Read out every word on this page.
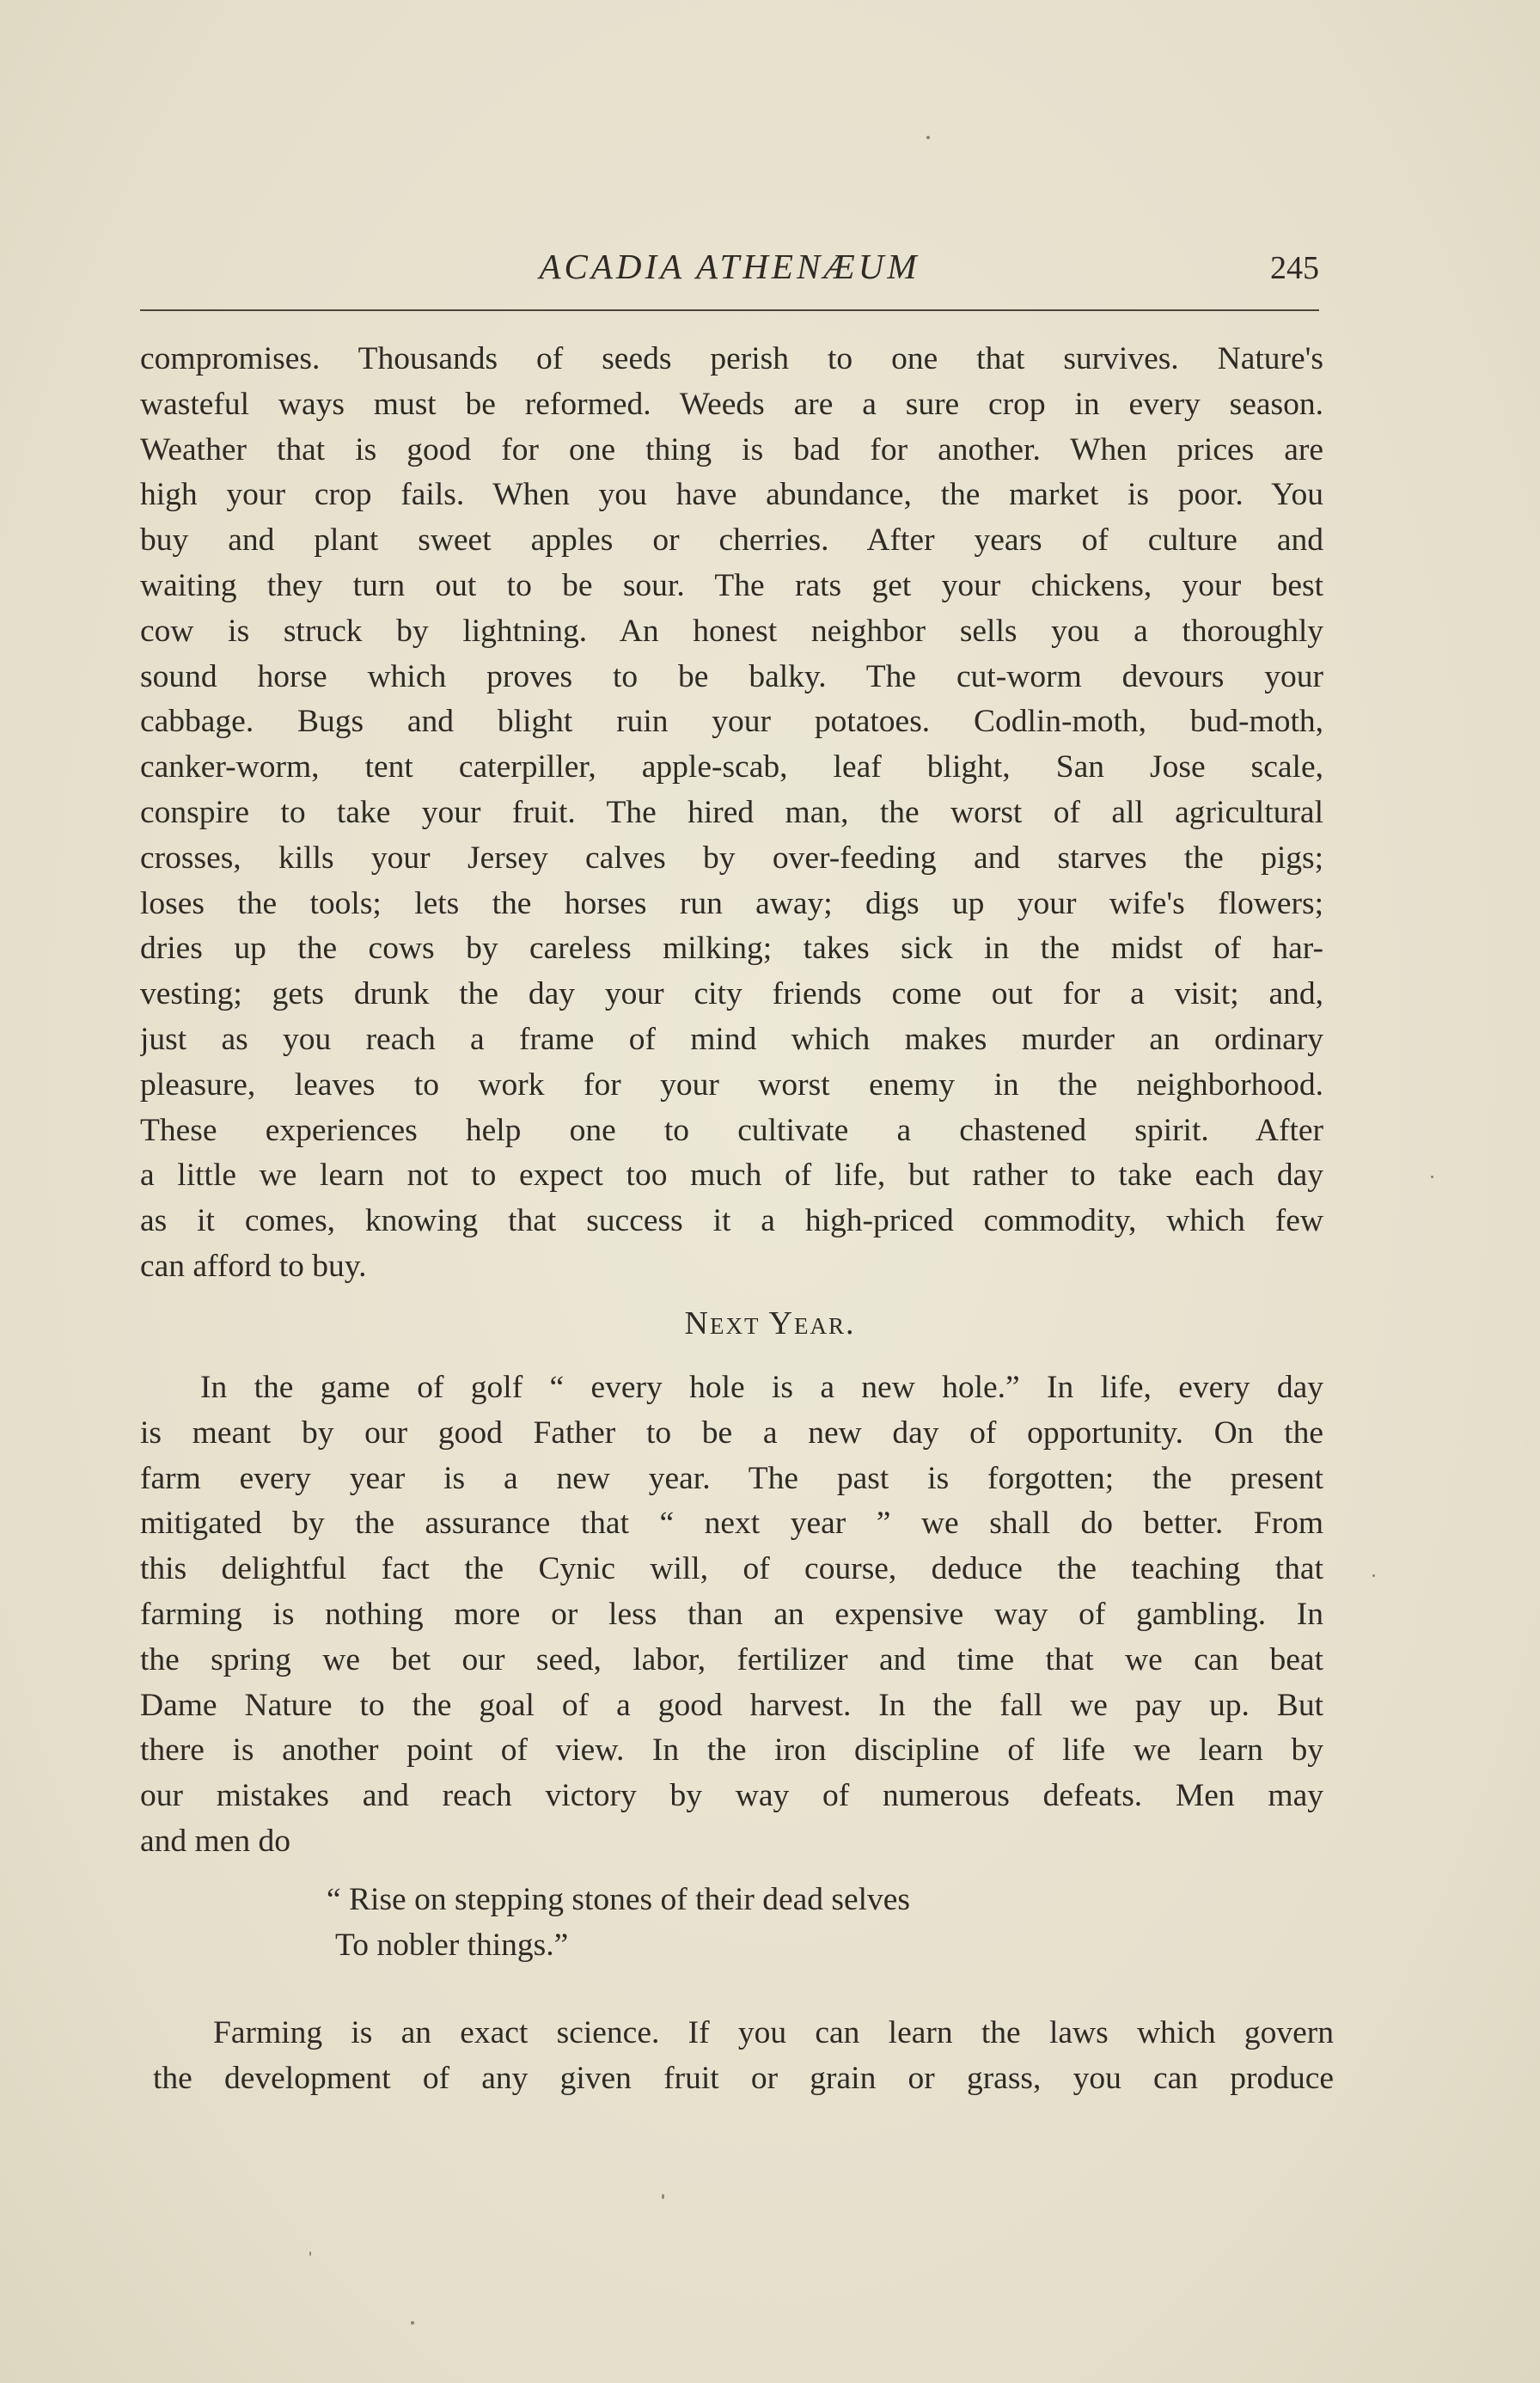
ACADIA ATHENÆUM	245
compromises. Thousands of seeds perish to one that survives. Nature's
wasteful ways must be reformed. Weeds are a sure crop in every season.
Weather that is good for one thing is bad for another. When prices are
high your crop fails. When you have abundance, the market is poor. You
buy and plant sweet apples or cherries. After years of culture and
waiting they turn out to be sour. The rats get your chickens, your best
cow is struck by lightning. An honest neighbor sells you a thoroughly
sound horse which proves to be balky. The cut-worm devours your
cabbage. Bugs and blight ruin your potatoes. Codlin-moth, bud-moth,
canker-worm, tent caterpiller, apple-scab, leaf blight, San Jose scale,
conspire to take your fruit. The hired man, the worst of all agricultural
crosses, kills your Jersey calves by over-feeding and starves the pigs;
loses the tools; lets the horses run away; digs up your wife's flowers;
dries up the cows by careless milking; takes sick in the midst of har-
vesting; gets drunk the day your city friends come out for a visit; and,
just as you reach a frame of mind which makes murder an ordinary
pleasure, leaves to work for your worst enemy in the neighborhood.
These experiences help one to cultivate a chastened spirit. After
a little we learn not to expect too much of life, but rather to take each day
as it comes, knowing that success it a high-priced commodity, which few
can afford to buy.
Next Year.
In the game of golf “ every hole is a new hole.” In life, every day
is meant by our good Father to be a new day of opportunity. On the
farm every year is a new year. The past is forgotten; the present
mitigated by the assurance that “ next year ” we shall do better. From
this delightful fact the Cynic will, of course, deduce the teaching that
farming is nothing more or less than an expensive way of gambling. In
the spring we bet our seed, labor, fertilizer and time that we can beat
Dame Nature to the goal of a good harvest. In the fall we pay up. But
there is another point of view. In the iron discipline of life we learn by
our mistakes and reach victory by way of numerous defeats. Men may
and men do
“ Rise on stepping stones of their dead selves
To nobler things.”
Farming is an exact science. If you can learn the laws which govern
the development of any given fruit or grain or grass, you can produce
